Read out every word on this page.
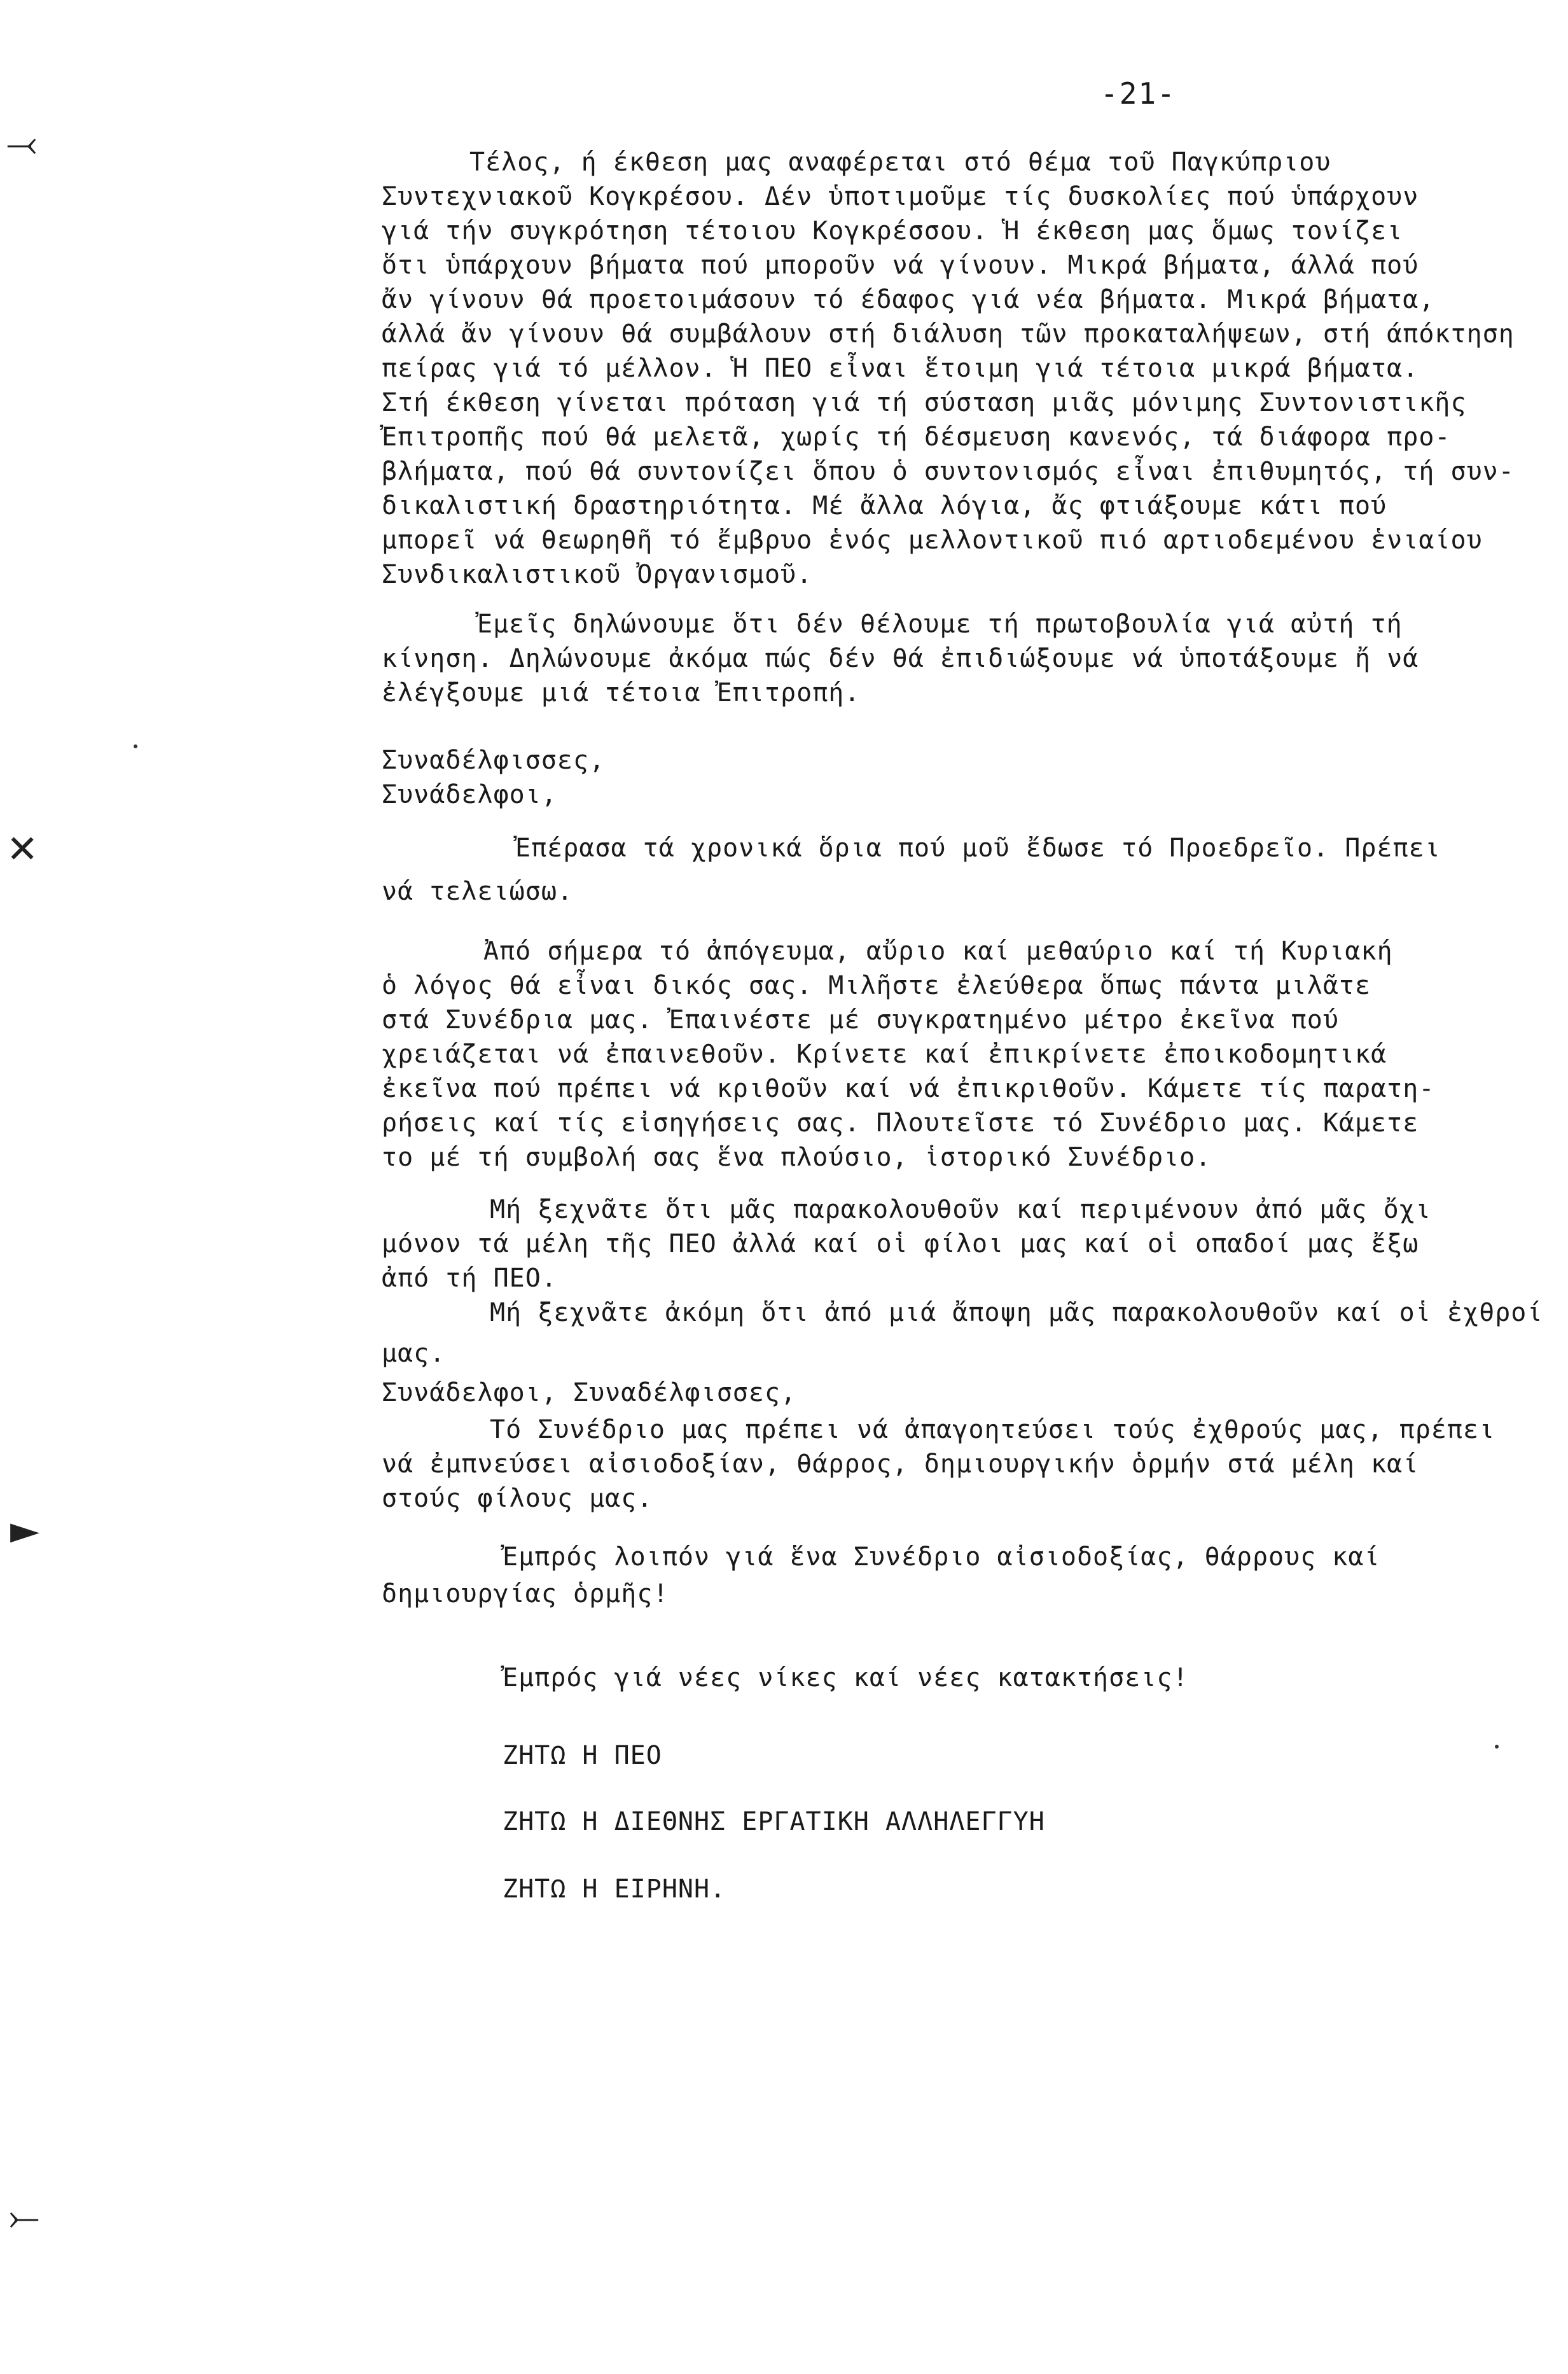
-21-
Τέλος, ή έκθεση μας αναφέρεται στό θέμα τοῦ Παγκύπριου
Συντεχνιακοῦ Κογκρέσου. Δέν ὑποτιμοῦμε τίς δυσκολίες πού ὑπάρχουν
γιά τήν συγκρότηση τέτοιου Κογκρέσσου. Ἡ έκθεση μας ὅμως τονίζει
ὅτι ὑπάρχουν βήματα πού μποροῦν νά γίνουν. Μικρά βήματα, άλλά πού
ἄν γίνουν θά προετοιμάσουν τό έδαφος γιά νέα βήματα. Μικρά βήματα,
άλλά ἄν γίνουν θά συμβάλουν στή διάλυση τῶν προκαταλήψεων, στή άπόκτηση
πείρας γιά τό μέλλον. Ἡ ΠΕΟ εἶναι ἕτοιμη γιά τέτοια μικρά βήματα.
Στή έκθεση γίνεται πρόταση γιά τή σύσταση μιᾶς μόνιμης Συντονιστικῆς
Ἐπιτροπῆς πού θά μελετᾶ, χωρίς τή δέσμευση κανενός, τά διάφορα προ-
βλήματα, πού θά συντονίζει ὅπου ὁ συντονισμός εἶναι ἐπιθυμητός, τή συν-
δικαλιστική δραστηριότητα. Μέ ἄλλα λόγια, ἄς φτιάξουμε κάτι πού
μπορεῖ νά θεωρηθῆ τό ἔμβρυο ἑνός μελλοντικοῦ πιό αρτιοδεμένου ἑνιαίου
Συνδικαλιστικοῦ Ὀργανισμοῦ.
Ἐμεῖς δηλώνουμε ὅτι δέν θέλουμε τή πρωτοβουλία γιά αὐτή τή
κίνηση. Δηλώνουμε ἀκόμα πώς δέν θά ἐπιδιώξουμε νά ὑποτάξουμε ἤ νά
ἐλέγξουμε μιά τέτοια Ἐπιτροπή.
Συναδέλφισσες,
Συνάδελφοι,
Ἐπέρασα τά χρονικά ὅρια πού μοῦ ἔδωσε τό Προεδρεῖο. Πρέπει
νά τελειώσω.
Ἀπό σήμερα τό ἀπόγευμα, αὔριο καί μεθαύριο καί τή Κυριακή
ὁ λόγος θά εἶναι δικός σας. Μιλῆστε ἐλεύθερα ὅπως πάντα μιλᾶτε
στά Συνέδρια μας. Ἐπαινέστε μέ συγκρατημένο μέτρο ἐκεῖνα πού
χρειάζεται νά ἐπαινεθοῦν. Κρίνετε καί ἐπικρίνετε ἐποικοδομητικά
ἐκεῖνα πού πρέπει νά κριθοῦν καί νά ἐπικριθοῦν. Κάμετε τίς παρατη-
ρήσεις καί τίς εἰσηγήσεις σας. Πλουτεῖστε τό Συνέδριο μας. Κάμετε
το μέ τή συμβολή σας ἕνα πλούσιο, ἱστορικό Συνέδριο.
Μή ξεχνᾶτε ὅτι μᾶς παρακολουθοῦν καί περιμένουν ἀπό μᾶς ὄχι
μόνον τά μέλη τῆς ΠΕΟ ἀλλά καί οἱ φίλοι μας καί οἱ οπαδοί μας ἔξω
ἀπό τή ΠΕΟ.
Μή ξεχνᾶτε ἀκόμη ὅτι ἀπό μιά ἄποψη μᾶς παρακολουθοῦν καί οἱ ἐχθροί
μας.
Συνάδελφοι, Συναδέλφισσες,
Τό Συνέδριο μας πρέπει νά ἀπαγοητεύσει τούς ἐχθρούς μας, πρέπει
νά ἐμπνεύσει αἰσιοδοξίαν, θάρρος, δημιουργικήν ὁρμήν στά μέλη καί
στούς φίλους μας.
Ἐμπρός λοιπόν γιά ἕνα Συνέδριο αἰσιοδοξίας, θάρρους καί
δημιουργίας ὁρμῆς!
Ἐμπρός γιά νέες νίκες καί νέες κατακτήσεις!
ΖΗΤΩ Η ΠΕΟ
ΖΗΤΩ Η ΔΙΕΘΝΗΣ ΕΡΓΑΤΙΚΗ ΑΛΛΗΛΕΓΓΥΗ
ΖΗΤΩ Η ΕΙΡΗΝΗ.
⤙
✕
►
⤚
